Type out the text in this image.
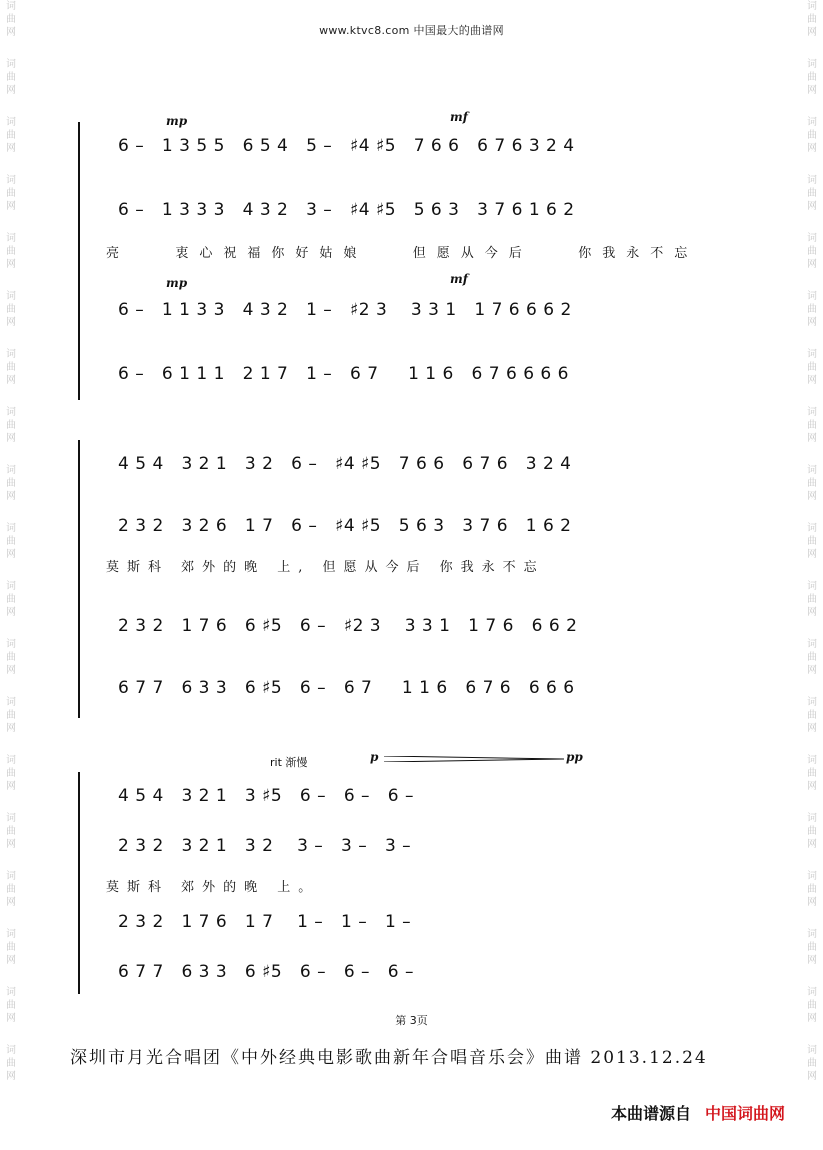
词
曲
网
词
曲
网
词
曲
网
词
曲
网
词
曲
网
词
曲
网
词
曲
网
词
曲
网
词
曲
网
词
曲
网
词
曲
网
词
曲
网
词
曲
网
词
曲
网
词
曲
网
词
曲
网
词
曲
网
词
曲
网
词
曲
网
词
曲
网
词
曲
网
词
曲
网
词
曲
网
词
曲
网
词
曲
网
词
曲
网
词
曲
网
词
曲
网
词
曲
网
词
曲
网
词
曲
网
词
曲
网
词
曲
网
词
曲
网
词
曲
网
词
曲
网
词
曲
网
词
曲
网
www.ktvc8.com 中国最大的曲谱网
mp	mf
6 –   1 3 5 5   6 5 4   5 –   ♯4 ♯5   7 6 6   6 7 6 3 2 4
6 –   1 3 3 3   4 3 2   3 –   ♯4 ♯5   5 6 3   3 7 6 1 6 2
亮   衷心祝福你好姑娘   但愿从今后   你我永不忘
mp	mf
6 –   1 1 3 3   4 3 2   1 –   ♯2 3    3 3 1   1 7 6 6 6 2
6 –   6 1 1 1   2 1 7   1 –   6 7     1 1 6   6 7 6 6 6 6
4 5 4   3 2 1   3 2   6 –   ♯4 ♯5   7 6 6   6 7 6   3 2 4
2 3 2   3 2 6   1 7   6 –   ♯4 ♯5   5 6 3   3 7 6   1 6 2
莫斯科 郊外的晚 上, 但愿从今后 你我永不忘
2 3 2   1 7 6   6 ♯5   6 –   ♯2 3    3 3 1   1 7 6   6 6 2
6 7 7   6 3 3   6 ♯5   6 –   6 7     1 1 6   6 7 6   6 6 6
rit 渐慢	p	pp
4 5 4   3 2 1   3 ♯5   6 –   6 –   6 –
2 3 2   3 2 1   3 2    3 –   3 –   3 –
莫斯科 郊外的晚 上。
2 3 2   1 7 6   1 7    1 –   1 –   1 –
6 7 7   6 3 3   6 ♯5   6 –   6 –   6 –
第 3页
深圳市月光合唱团《中外经典电影歌曲新年合唱音乐会》曲谱 2013.12.24
本曲谱源自 中国词曲网
